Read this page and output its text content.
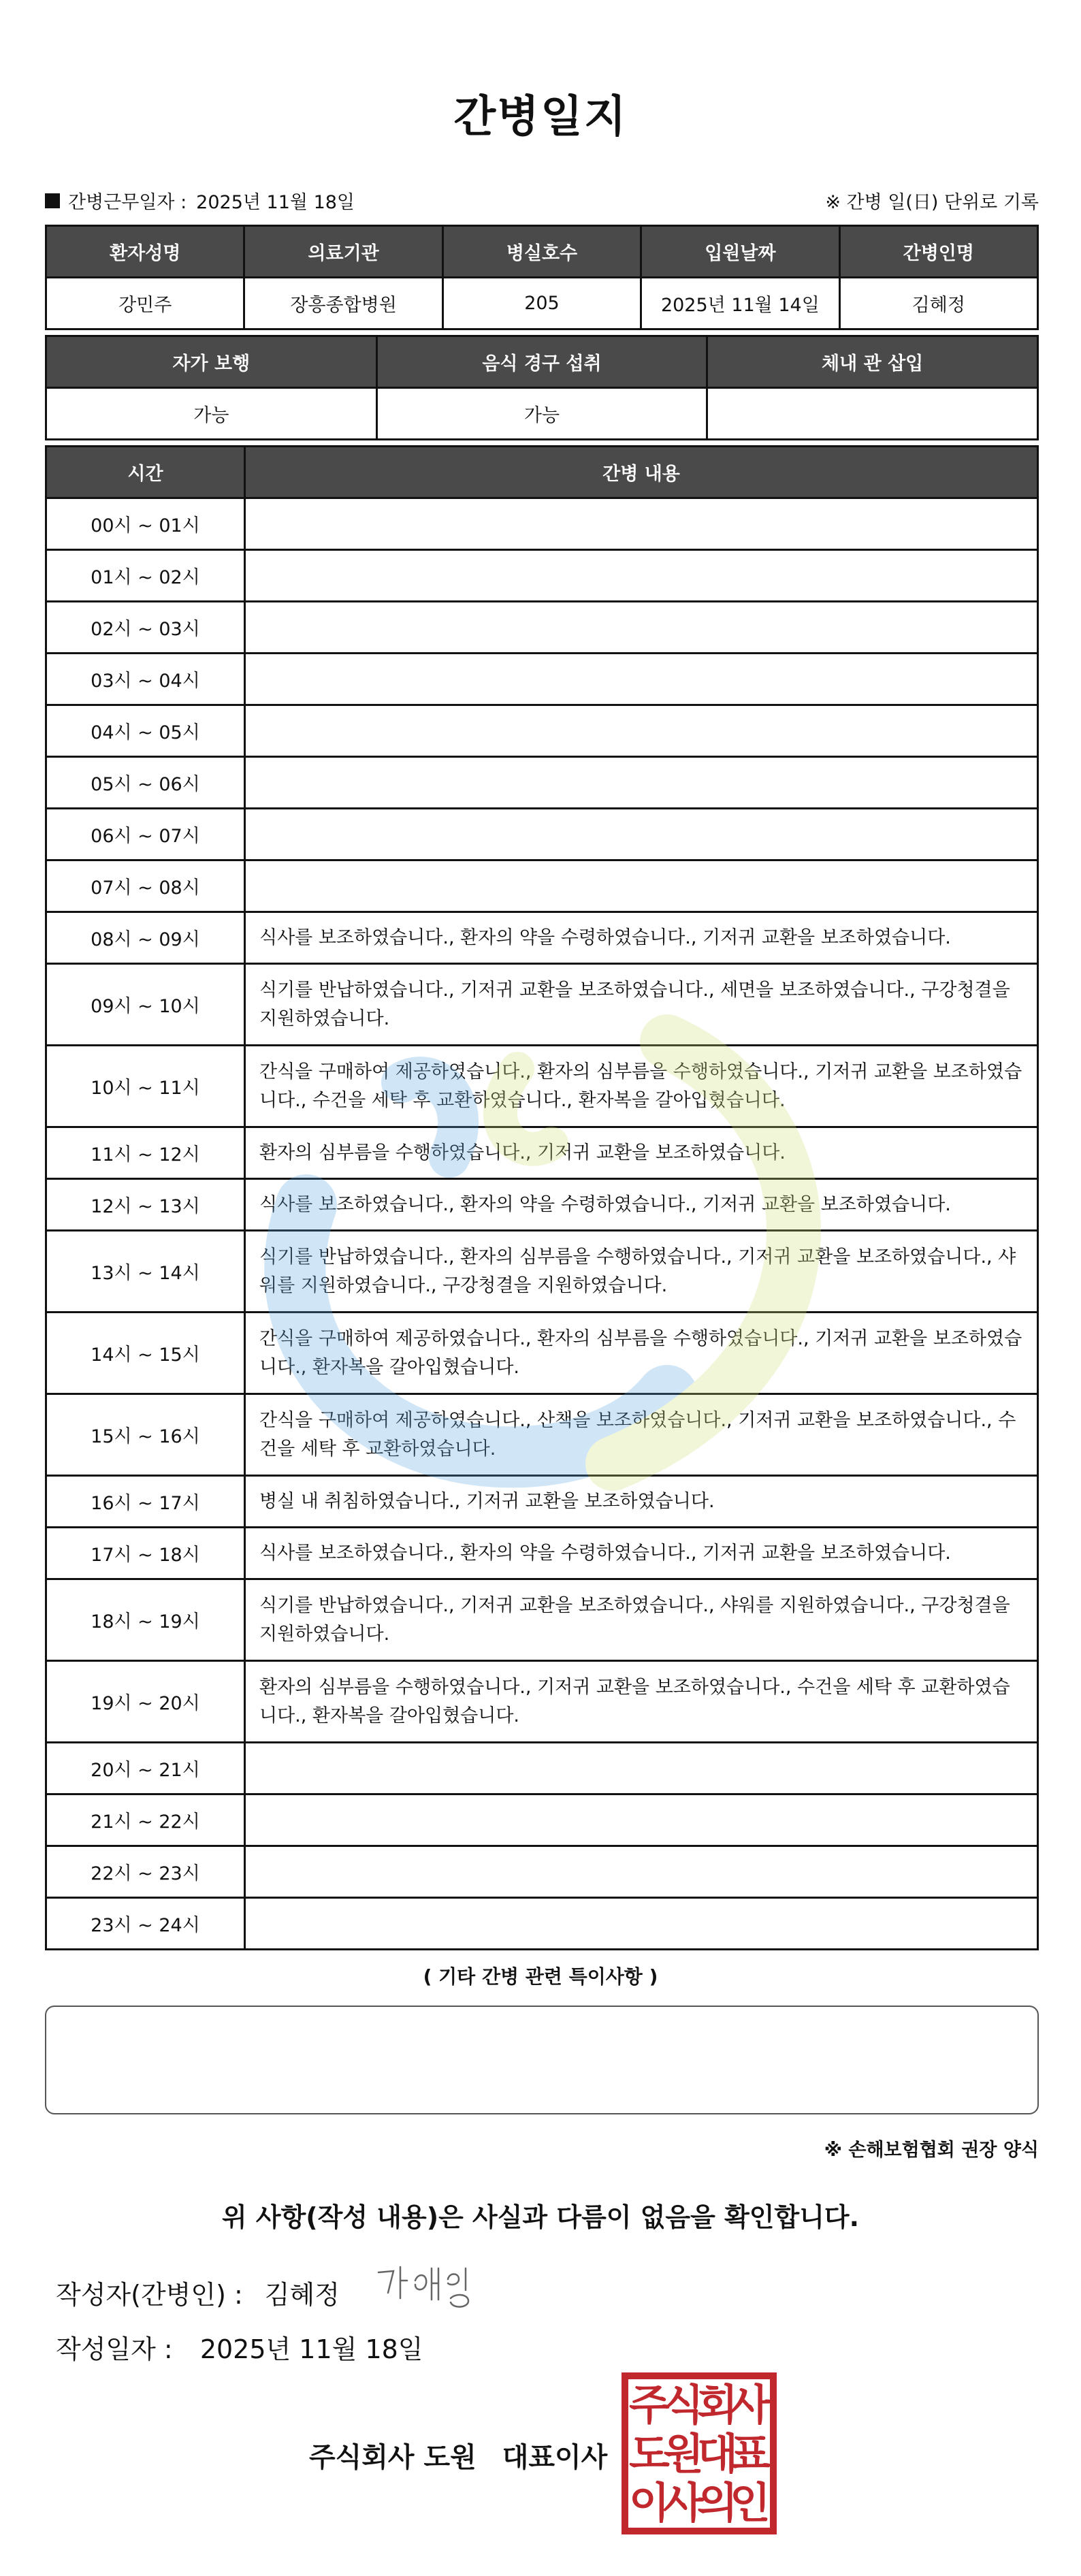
간병일지
간병근무일자 : 2025년 11월 18일	※ 간병 일(日) 단위로 기록
환자성명	의료기관	병실호수	입원날짜	간병인명
강민주	장흥종합병원	205	2025년 11월 14일	김혜정
자가 보행	음식 경구 섭취	체내 관 삽입
가능	가능	
시간	간병 내용
00시 ~ 01시	
01시 ~ 02시	
02시 ~ 03시	
03시 ~ 04시	
04시 ~ 05시	
05시 ~ 06시	
06시 ~ 07시	
07시 ~ 08시	
08시 ~ 09시	식사를 보조하였습니다., 환자의 약을 수령하였습니다., 기저귀 교환을 보조하였습니다.
09시 ~ 10시	식기를 반납하였습니다., 기저귀 교환을 보조하였습니다., 세면을 보조하였습니다., 구강청결을 지원하였습니다.
10시 ~ 11시	간식을 구매하여 제공하였습니다., 환자의 심부름을 수행하였습니다., 기저귀 교환을 보조하였습니다., 수건을 세탁 후 교환하였습니다., 환자복을 갈아입혔습니다.
11시 ~ 12시	환자의 심부름을 수행하였습니다., 기저귀 교환을 보조하였습니다.
12시 ~ 13시	식사를 보조하였습니다., 환자의 약을 수령하였습니다., 기저귀 교환을 보조하였습니다.
13시 ~ 14시	식기를 반납하였습니다., 환자의 심부름을 수행하였습니다., 기저귀 교환을 보조하였습니다., 샤워를 지원하였습니다., 구강청결을 지원하였습니다.
14시 ~ 15시	간식을 구매하여 제공하였습니다., 환자의 심부름을 수행하였습니다., 기저귀 교환을 보조하였습니다., 환자복을 갈아입혔습니다.
15시 ~ 16시	간식을 구매하여 제공하였습니다., 산책을 보조하였습니다., 기저귀 교환을 보조하였습니다., 수건을 세탁 후 교환하였습니다.
16시 ~ 17시	병실 내 취침하였습니다., 기저귀 교환을 보조하였습니다.
17시 ~ 18시	식사를 보조하였습니다., 환자의 약을 수령하였습니다., 기저귀 교환을 보조하였습니다.
18시 ~ 19시	식기를 반납하였습니다., 기저귀 교환을 보조하였습니다., 샤워를 지원하였습니다., 구강청결을 지원하였습니다.
19시 ~ 20시	환자의 심부름을 수행하였습니다., 기저귀 교환을 보조하였습니다., 수건을 세탁 후 교환하였습니다., 환자복을 갈아입혔습니다.
20시 ~ 21시	
21시 ~ 22시	
22시 ~ 23시	
23시 ~ 24시	
( 기타 간병 관련 특이사항 )
※ 손해보험협회 권장 양식
위 사항(작성 내용)은 사실과 다름이 없음을 확인합니다.
작성자(간병인) : 김혜정
작성일자 : 2025년 11월 18일
주식회사 도원 대표이사
주
식
회
사
도
원
대
표
이
사
의
인
